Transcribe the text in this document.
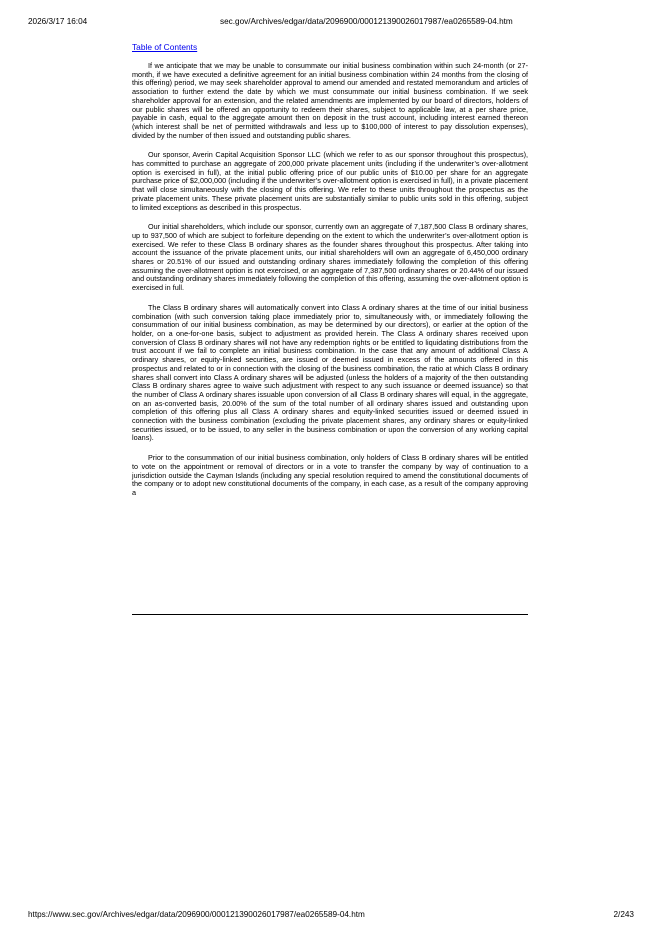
2026/3/17 16:04	sec.gov/Archives/edgar/data/2096900/000121390026017987/ea0265589-04.htm
Table of Contents

If we anticipate that we may be unable to consummate our initial business combination within such 24-month (or 27-month, if we have executed a definitive agreement for an initial business combination within 24 months from the closing of this offering) period, we may seek shareholder approval to amend our amended and restated memorandum and articles of association to further extend the date by which we must consummate our initial business combination. If we seek shareholder approval for an extension, and the related amendments are implemented by our board of directors, holders of our public shares will be offered an opportunity to redeem their shares, subject to applicable law, at a per share price, payable in cash, equal to the aggregate amount then on deposit in the trust account, including interest earned thereon (which interest shall be net of permitted withdrawals and less up to $100,000 of interest to pay dissolution expenses), divided by the number of then issued and outstanding public shares.

Our sponsor, Averin Capital Acquisition Sponsor LLC (which we refer to as our sponsor throughout this prospectus), has committed to purchase an aggregate of 200,000 private placement units (including if the underwriter’s over-allotment option is exercised in full), at the initial public offering price of our public units of $10.00 per share for an aggregate purchase price of $2,000,000 (including if the underwriter’s over-allotment option is exercised in full), in a private placement that will close simultaneously with the closing of this offering. We refer to these units throughout the prospectus as the private placement units. These private placement units are substantially similar to public units sold in this offering, subject to limited exceptions as described in this prospectus.

Our initial shareholders, which include our sponsor, currently own an aggregate of 7,187,500 Class B ordinary shares, up to 937,500 of which are subject to forfeiture depending on the extent to which the underwriter’s over-allotment option is exercised. We refer to these Class B ordinary shares as the founder shares throughout this prospectus. After taking into account the issuance of the private placement units, our initial shareholders will own an aggregate of 6,450,000 ordinary shares or 20.51% of our issued and outstanding ordinary shares immediately following the completion of this offering assuming the over-allotment option is not exercised, or an aggregate of 7,387,500 ordinary shares or 20.44% of our issued and outstanding ordinary shares immediately following the completion of this offering, assuming the over-allotment option is exercised in full.

The Class B ordinary shares will automatically convert into Class A ordinary shares at the time of our initial business combination (with such conversion taking place immediately prior to, simultaneously with, or immediately following the consummation of our initial business combination, as may be determined by our directors), or earlier at the option of the holder, on a one-for-one basis, subject to adjustment as provided herein. The Class A ordinary shares received upon conversion of Class B ordinary shares will not have any redemption rights or be entitled to liquidating distributions from the trust account if we fail to complete an initial business combination. In the case that any amount of additional Class A ordinary shares, or equity-linked securities, are issued or deemed issued in excess of the amounts offered in this prospectus and related to or in connection with the closing of the business combination, the ratio at which Class B ordinary shares shall convert into Class A ordinary shares will be adjusted (unless the holders of a majority of the then outstanding Class B ordinary shares agree to waive such adjustment with respect to any such issuance or deemed issuance) so that the number of Class A ordinary shares issuable upon conversion of all Class B ordinary shares will equal, in the aggregate, on an as-converted basis, 20.00% of the sum of the total number of all ordinary shares issued and outstanding upon completion of this offering plus all Class A ordinary shares and equity-linked securities issued or deemed issued in connection with the business combination (excluding the private placement shares, any ordinary shares or equity-linked securities issued, or to be issued, to any seller in the business combination or upon the conversion of any working capital loans).

Prior to the consummation of our initial business combination, only holders of Class B ordinary shares will be entitled to vote on the appointment or removal of directors or in a vote to transfer the company by way of continuation to a jurisdiction outside the Cayman Islands (including any special resolution required to amend the constitutional documents of the company or to adopt new constitutional documents of the company, in each case, as a result of the company approving a

https://www.sec.gov/Archives/edgar/data/2096900/000121390026017987/ea0265589-04.htm	2/243
